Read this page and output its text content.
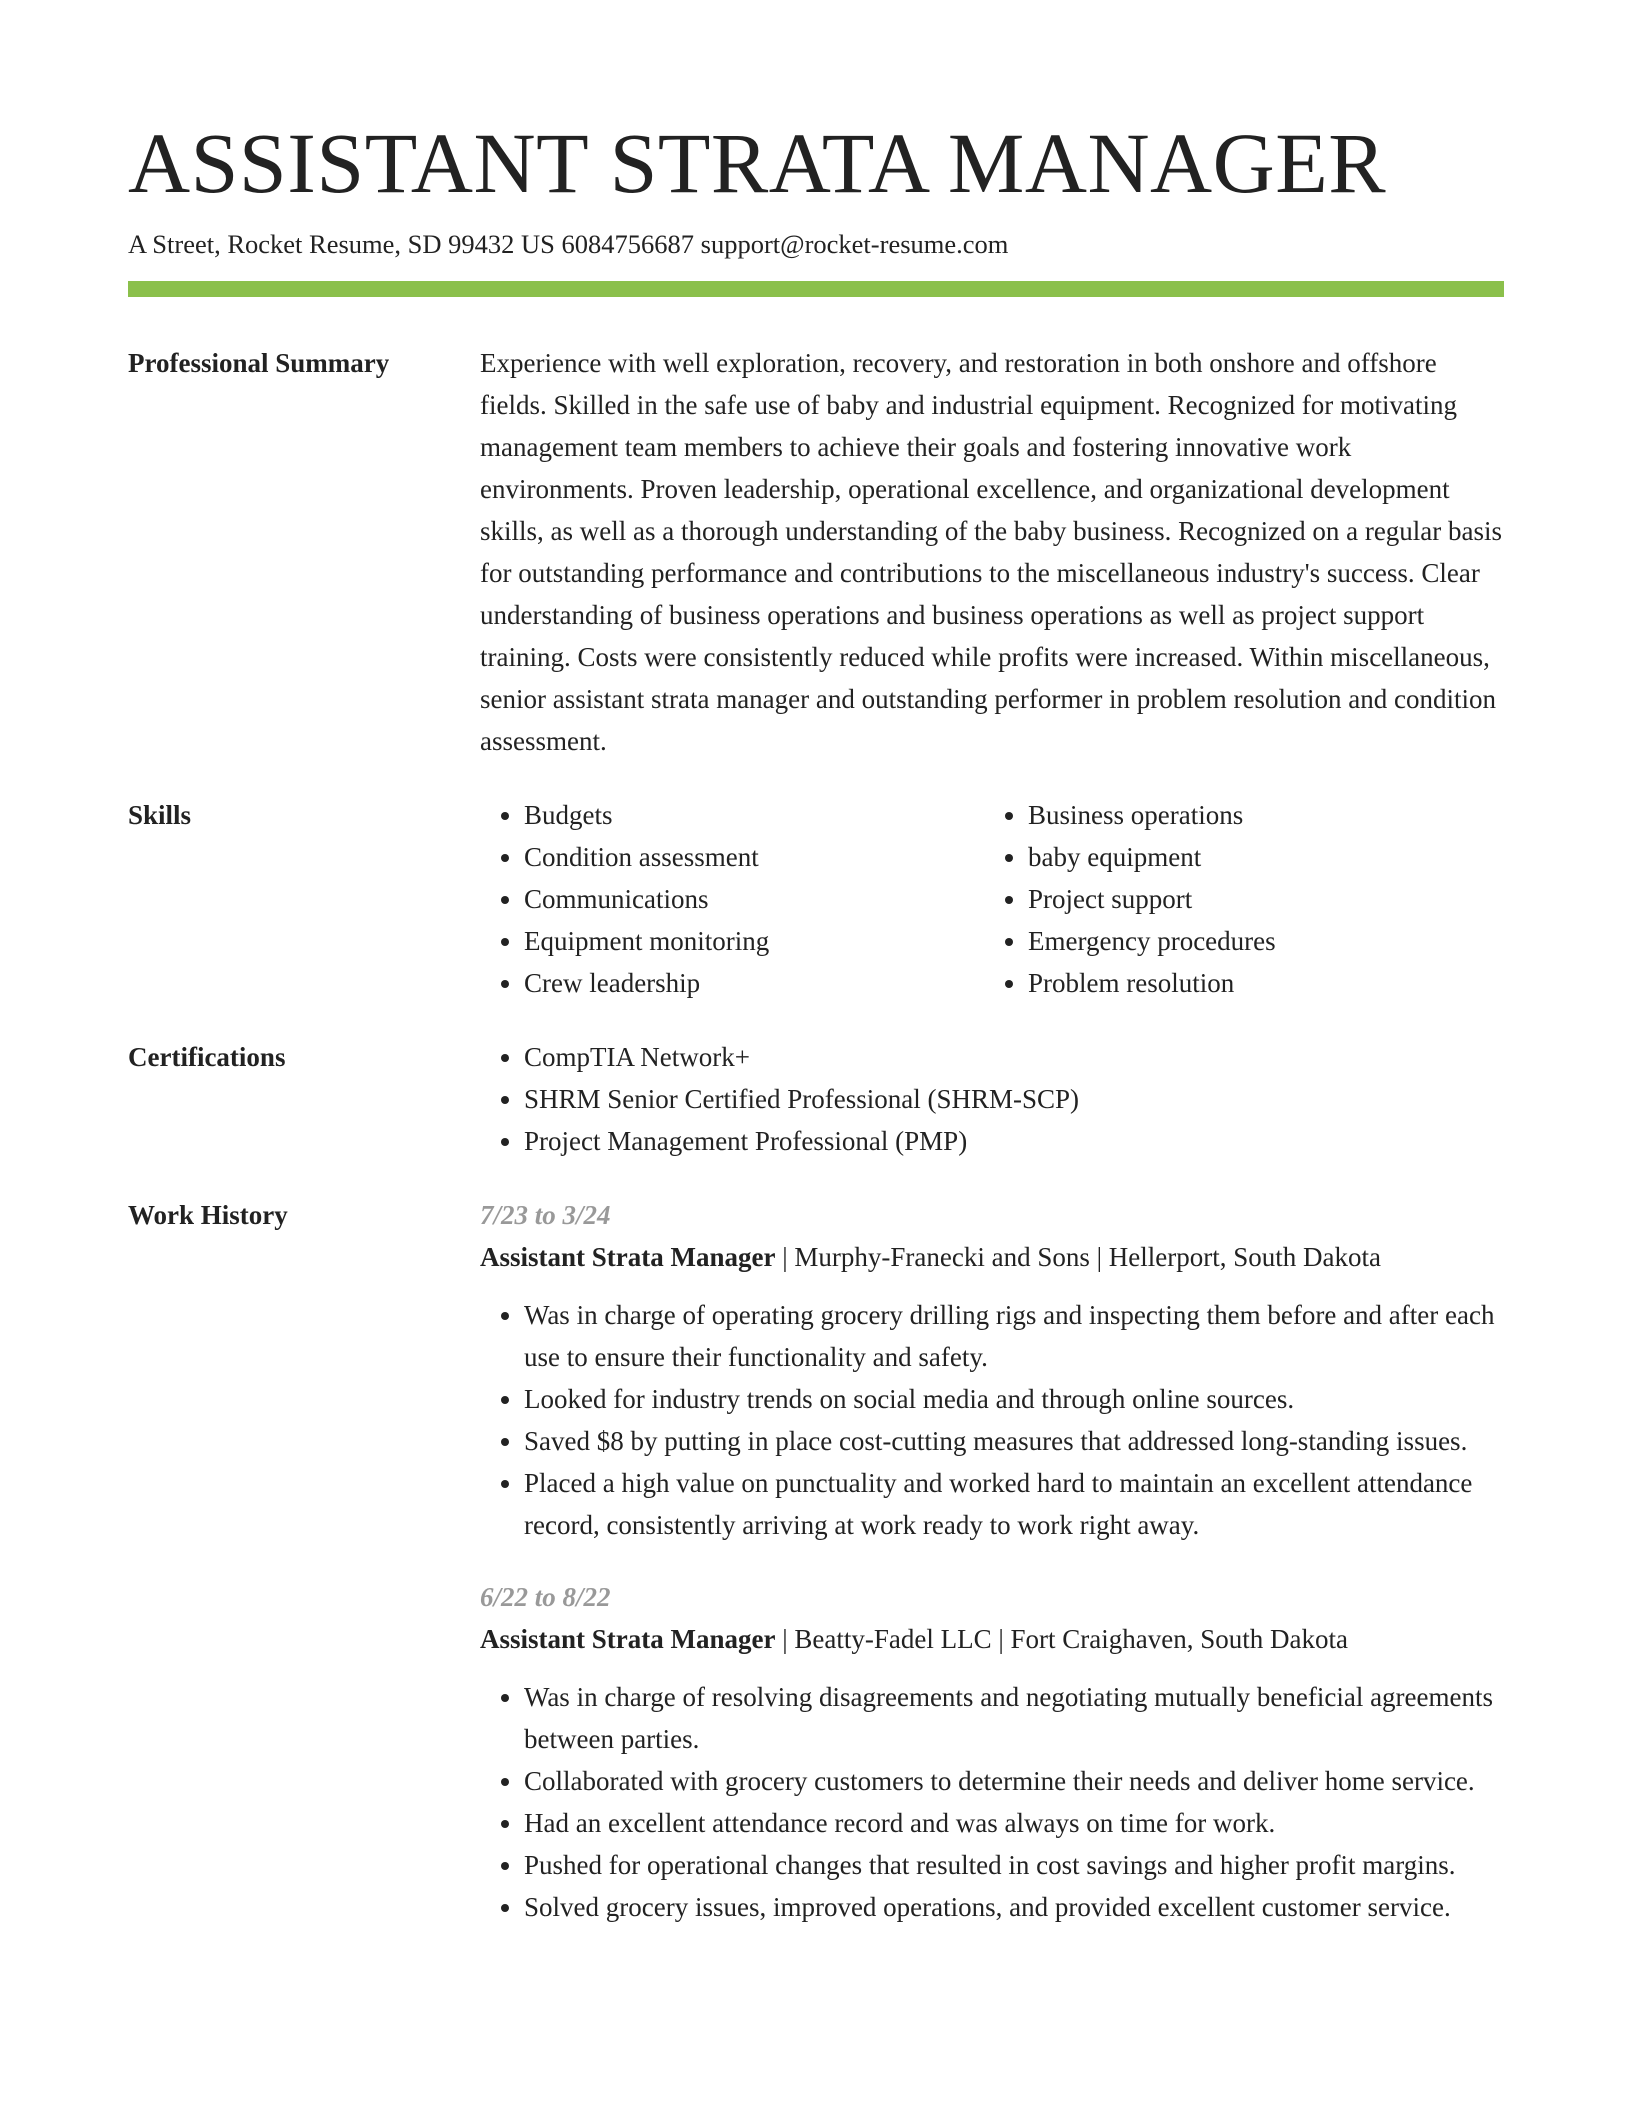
ASSISTANT STRATA MANAGER
A Street, Rocket Resume, SD 99432 US 6084756687 support@rocket-resume.com
Professional Summary	Experience with well exploration, recovery, and restoration in both onshore and offshore fields. Skilled in the safe use of baby and industrial equipment. Recognized for motivating management team members to achieve their goals and fostering innovative work environments. Proven leadership, operational excellence, and organizational development skills, as well as a thorough understanding of the baby business. Recognized on a regular basis for outstanding performance and contributions to the miscellaneous industry's success. Clear understanding of business operations and business operations as well as project support training. Costs were consistently reduced while profits were increased. Within miscellaneous, senior assistant strata manager and outstanding performer in problem resolution and condition assessment.
Skills	• Budgets
• Condition assessment
• Communications
• Equipment monitoring
• Crew leadership
• Business operations
• baby equipment
• Project support
• Emergency procedures
• Problem resolution
Certifications	• CompTIA Network+
• SHRM Senior Certified Professional (SHRM-SCP)
• Project Management Professional (PMP)
Work History	7/23 to 3/24
Assistant Strata Manager | Murphy-Franecki and Sons | Hellerport, South Dakota
• Was in charge of operating grocery drilling rigs and inspecting them before and after each use to ensure their functionality and safety.
• Looked for industry trends on social media and through online sources.
• Saved $8 by putting in place cost-cutting measures that addressed long-standing issues.
• Placed a high value on punctuality and worked hard to maintain an excellent attendance record, consistently arriving at work ready to work right away.
6/22 to 8/22
Assistant Strata Manager | Beatty-Fadel LLC | Fort Craighaven, South Dakota
• Was in charge of resolving disagreements and negotiating mutually beneficial agreements between parties.
• Collaborated with grocery customers to determine their needs and deliver home service.
• Had an excellent attendance record and was always on time for work.
• Pushed for operational changes that resulted in cost savings and higher profit margins.
• Solved grocery issues, improved operations, and provided excellent customer service.
